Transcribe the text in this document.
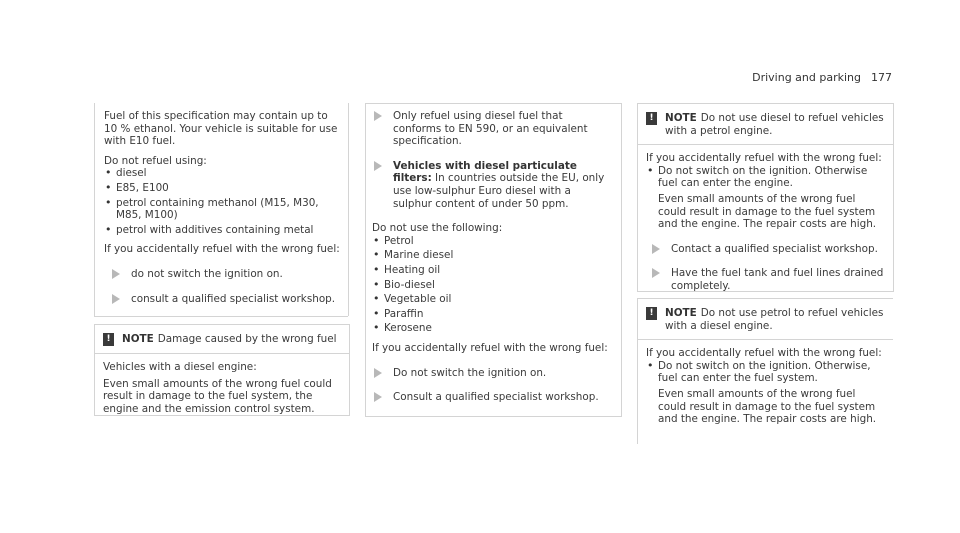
Driving and parking 177

Fuel of this specification may contain up to 10 % ethanol. Your vehicle is suitable for use with E10 fuel.

Do not refuel using:

• diesel
• E85, E100
• petrol containing methanol (M15, M30, M85, M100)
• petrol with additives containing metal

If you accidentally refuel with the wrong fuel:

do not switch the ignition on.
consult a qualified specialist workshop.
!	NOTE Damage caused by the wrong fuel

Vehicles with a diesel engine:

Even small amounts of the wrong fuel could result in damage to the fuel system, the engine and the emission control system.

Only refuel using diesel fuel that conforms to EN 590, or an equivalent specification.
Vehicles with diesel particulate filters: In countries outside the EU, only use low-sulphur Euro diesel with a sulphur content of under 50 ppm.

Do not use the following:

• Petrol
• Marine diesel
• Heating oil
• Bio-diesel
• Vegetable oil
• Paraffin
• Kerosene

If you accidentally refuel with the wrong fuel:

Do not switch the ignition on.
Consult a qualified specialist workshop.
!	NOTE Do not use diesel to refuel vehicles with a petrol engine.

If you accidentally refuel with the wrong fuel:

• Do not switch on the ignition. Otherwise fuel can enter the engine.

Even small amounts of the wrong fuel could result in damage to the fuel system and the engine. The repair costs are high.
Contact a qualified specialist workshop.
Have the fuel tank and fuel lines drained completely.
!	NOTE Do not use petrol to refuel vehicles with a diesel engine.

If you accidentally refuel with the wrong fuel:

• Do not switch on the ignition. Otherwise, fuel can enter the fuel system.

Even small amounts of the wrong fuel could result in damage to the fuel system and the engine. The repair costs are high.
